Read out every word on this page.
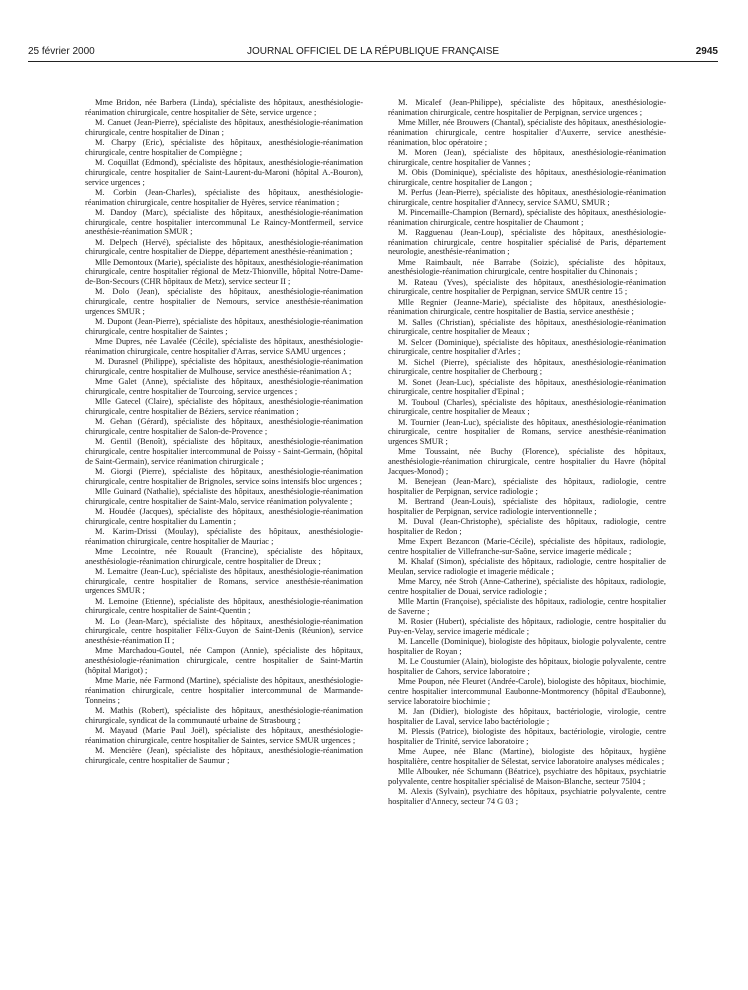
25 février 2000	JOURNAL OFFICIEL DE LA RÉPUBLIQUE FRANÇAISE	2945

Mme Bridon, née Barbera (Linda), spécialiste des hôpitaux, anesthésiologie-réanimation chirurgicale, centre hospitalier de Sète, service urgence ;

M. Canuet (Jean-Pierre), spécialiste des hôpitaux, anesthésiologie-réanimation chirurgicale, centre hospitalier de Dinan ;

M. Charpy (Eric), spécialiste des hôpitaux, anesthésiologie-réanimation chirurgicale, centre hospitalier de Compiègne ;

M. Coquillat (Edmond), spécialiste des hôpitaux, anesthésiologie-réanimation chirurgicale, centre hospitalier de Saint-Laurent-du-Maroni (hôpital A.-Bouron), service urgences ;

M. Corbin (Jean-Charles), spécialiste des hôpitaux, anesthésiologie-réanimation chirurgicale, centre hospitalier de Hyères, service réanimation ;

M. Dandoy (Marc), spécialiste des hôpitaux, anesthésiologie-réanimation chirurgicale, centre hospitalier intercommunal Le Raincy-Montfermeil, service anesthésie-réanimation SMUR ;

M. Delpech (Hervé), spécialiste des hôpitaux, anesthésiologie-réanimation chirurgicale, centre hospitalier de Dieppe, département anesthésie-réanimation ;

Mlle Demontoux (Marie), spécialiste des hôpitaux, anesthésiologie-réanimation chirurgicale, centre hospitalier régional de Metz-Thionville, hôpital Notre-Dame-de-Bon-Secours (CHR hôpitaux de Metz), service secteur II ;

M. Dolo (Jean), spécialiste des hôpitaux, anesthésiologie-réanimation chirurgicale, centre hospitalier de Nemours, service anesthésie-réanimation urgences SMUR ;

M. Dupont (Jean-Pierre), spécialiste des hôpitaux, anesthésiologie-réanimation chirurgicale, centre hospitalier de Saintes ;

Mme Dupres, née Lavalée (Cécile), spécialiste des hôpitaux, anesthésiologie-réanimation chirurgicale, centre hospitalier d'Arras, service SAMU urgences ;

M. Durasnel (Philippe), spécialiste des hôpitaux, anesthésiologie-réanimation chirurgicale, centre hospitalier de Mulhouse, service anesthésie-réanimation A ;

Mme Galet (Anne), spécialiste des hôpitaux, anesthésiologie-réanimation chirurgicale, centre hospitalier de Tourcoing, service urgences ;

Mlle Gatecel (Claire), spécialiste des hôpitaux, anesthésiologie-réanimation chirurgicale, centre hospitalier de Béziers, service réanimation ;

M. Gehan (Gérard), spécialiste des hôpitaux, anesthésiologie-réanimation chirurgicale, centre hospitalier de Salon-de-Provence ;

M. Gentil (Benoît), spécialiste des hôpitaux, anesthésiologie-réanimation chirurgicale, centre hospitalier intercommunal de Poissy - Saint-Germain, (hôpital de Saint-Germain), service réanimation chirurgicale ;

M. Giorgi (Pierre), spécialiste des hôpitaux, anesthésiologie-réanimation chirurgicale, centre hospitalier de Brignoles, service soins intensifs bloc urgences ;

Mlle Guinard (Nathalie), spécialiste des hôpitaux, anesthésiologie-réanimation chirurgicale, centre hospitalier de Saint-Malo, service réanimation polyvalente ;

M. Houdée (Jacques), spécialiste des hôpitaux, anesthésiologie-réanimation chirurgicale, centre hospitalier du Lamentin ;

M. Karim-Drissi (Moulay), spécialiste des hôpitaux, anesthésiologie-réanimation chirurgicale, centre hospitalier de Mauriac ;

Mme Lecointre, née Rouault (Francine), spécialiste des hôpitaux, anesthésiologie-réanimation chirurgicale, centre hospitalier de Dreux ;

M. Lemaitre (Jean-Luc), spécialiste des hôpitaux, anesthésiologie-réanimation chirurgicale, centre hospitalier de Romans, service anesthésie-réanimation urgences SMUR ;

M. Lemoine (Etienne), spécialiste des hôpitaux, anesthésiologie-réanimation chirurgicale, centre hospitalier de Saint-Quentin ;

M. Lo (Jean-Marc), spécialiste des hôpitaux, anesthésiologie-réanimation chirurgicale, centre hospitalier Félix-Guyon de Saint-Denis (Réunion), service anesthésie-réanimation II ;

Mme Marchadou-Goutel, née Campon (Annie), spécialiste des hôpitaux, anesthésiologie-réanimation chirurgicale, centre hospitalier de Saint-Martin (hôpital Marigot) ;

Mme Marie, née Farmond (Martine), spécialiste des hôpitaux, anesthésiologie-réanimation chirurgicale, centre hospitalier intercommunal de Marmande-Tonneins ;

M. Mathis (Robert), spécialiste des hôpitaux, anesthésiologie-réanimation chirurgicale, syndicat de la communauté urbaine de Strasbourg ;

M. Mayaud (Marie Paul Joël), spécialiste des hôpitaux, anesthésiologie-réanimation chirurgicale, centre hospitalier de Saintes, service SMUR urgences ;

M. Mencière (Jean), spécialiste des hôpitaux, anesthésiologie-réanimation chirurgicale, centre hospitalier de Saumur ;

M. Micalef (Jean-Philippe), spécialiste des hôpitaux, anesthésiologie-réanimation chirurgicale, centre hospitalier de Perpignan, service urgences ;

Mme Miller, née Brouwers (Chantal), spécialiste des hôpitaux, anesthésiologie-réanimation chirurgicale, centre hospitalier d'Auxerre, service anesthésie-réanimation, bloc opératoire ;

M. Moren (Jean), spécialiste des hôpitaux, anesthésiologie-réanimation chirurgicale, centre hospitalier de Vannes ;

M. Obis (Dominique), spécialiste des hôpitaux, anesthésiologie-réanimation chirurgicale, centre hospitalier de Langon ;

M. Perfus (Jean-Pierre), spécialiste des hôpitaux, anesthésiologie-réanimation chirurgicale, centre hospitalier d'Annecy, service SAMU, SMUR ;

M. Pincemaille-Champion (Bernard), spécialiste des hôpitaux, anesthésiologie-réanimation chirurgicale, centre hospitalier de Chaumont ;

M. Ragguenau (Jean-Loup), spécialiste des hôpitaux, anesthésiologie-réanimation chirurgicale, centre hospitalier spécialisé de Paris, département neurologie, anesthésie-réanimation ;

Mme Raimbault, née Barrabe (Soizic), spécialiste des hôpitaux, anesthésiologie-réanimation chirurgicale, centre hospitalier du Chinonais ;

M. Rateau (Yves), spécialiste des hôpitaux, anesthésiologie-réanimation chirurgicale, centre hospitalier de Perpignan, service SMUR centre 15 ;

Mlle Regnier (Jeanne-Marie), spécialiste des hôpitaux, anesthésiologie-réanimation chirurgicale, centre hospitalier de Bastia, service anesthésie ;

M. Salles (Christian), spécialiste des hôpitaux, anesthésiologie-réanimation chirurgicale, centre hospitalier de Meaux ;

M. Selcer (Dominique), spécialiste des hôpitaux, anesthésiologie-réanimation chirurgicale, centre hospitalier d'Arles ;

M. Sichel (Pierre), spécialiste des hôpitaux, anesthésiologie-réanimation chirurgicale, centre hospitalier de Cherbourg ;

M. Sonet (Jean-Luc), spécialiste des hôpitaux, anesthésiologie-réanimation chirurgicale, centre hospitalier d'Epinal ;

M. Touboul (Charles), spécialiste des hôpitaux, anesthésiologie-réanimation chirurgicale, centre hospitalier de Meaux ;

M. Tournier (Jean-Luc), spécialiste des hôpitaux, anesthésiologie-réanimation chirurgicale, centre hospitalier de Romans, service anesthésie-réanimation urgences SMUR ;

Mme Toussaint, née Buchy (Florence), spécialiste des hôpitaux, anesthésiologie-réanimation chirurgicale, centre hospitalier du Havre (hôpital Jacques-Monod) ;

M. Benejean (Jean-Marc), spécialiste des hôpitaux, radiologie, centre hospitalier de Perpignan, service radiologie ;

M. Bertrand (Jean-Louis), spécialiste des hôpitaux, radiologie, centre hospitalier de Perpignan, service radiologie interventionnelle ;

M. Duval (Jean-Christophe), spécialiste des hôpitaux, radiologie, centre hospitalier de Redon ;

Mme Expert Bezancon (Marie-Cécile), spécialiste des hôpitaux, radiologie, centre hospitalier de Villefranche-sur-Saône, service imagerie médicale ;

M. Khalaf (Simon), spécialiste des hôpitaux, radiologie, centre hospitalier de Meulan, service radiologie et imagerie médicale ;

Mme Marcy, née Stroh (Anne-Catherine), spécialiste des hôpitaux, radiologie, centre hospitalier de Douai, service radiologie ;

Mlle Martin (Françoise), spécialiste des hôpitaux, radiologie, centre hospitalier de Saverne ;

M. Rosier (Hubert), spécialiste des hôpitaux, radiologie, centre hospitalier du Puy-en-Velay, service imagerie médicale ;

M. Lancelle (Dominique), biologiste des hôpitaux, biologie polyvalente, centre hospitalier de Royan ;

M. Le Coustumier (Alain), biologiste des hôpitaux, biologie polyvalente, centre hospitalier de Cahors, service laboratoire ;

Mme Poupon, née Fleuret (Andrée-Carole), biologiste des hôpitaux, biochimie, centre hospitalier intercommunal Eaubonne-Montmorency (hôpital d'Eaubonne), service laboratoire biochimie ;

M. Jan (Didier), biologiste des hôpitaux, bactériologie, virologie, centre hospitalier de Laval, service labo bactériologie ;

M. Plessis (Patrice), biologiste des hôpitaux, bactériologie, virologie, centre hospitalier de Trinité, service laboratoire ;

Mme Aupee, née Blanc (Martine), biologiste des hôpitaux, hygiène hospitalière, centre hospitalier de Sélestat, service laboratoire analyses médicales ;

Mlle Albouker, née Schumann (Béatrice), psychiatre des hôpitaux, psychiatrie polyvalente, centre hospitalier spécialisé de Maison-Blanche, secteur 75I04 ;

M. Alexis (Sylvain), psychiatre des hôpitaux, psychiatrie polyvalente, centre hospitalier d'Annecy, secteur 74 G 03 ;
